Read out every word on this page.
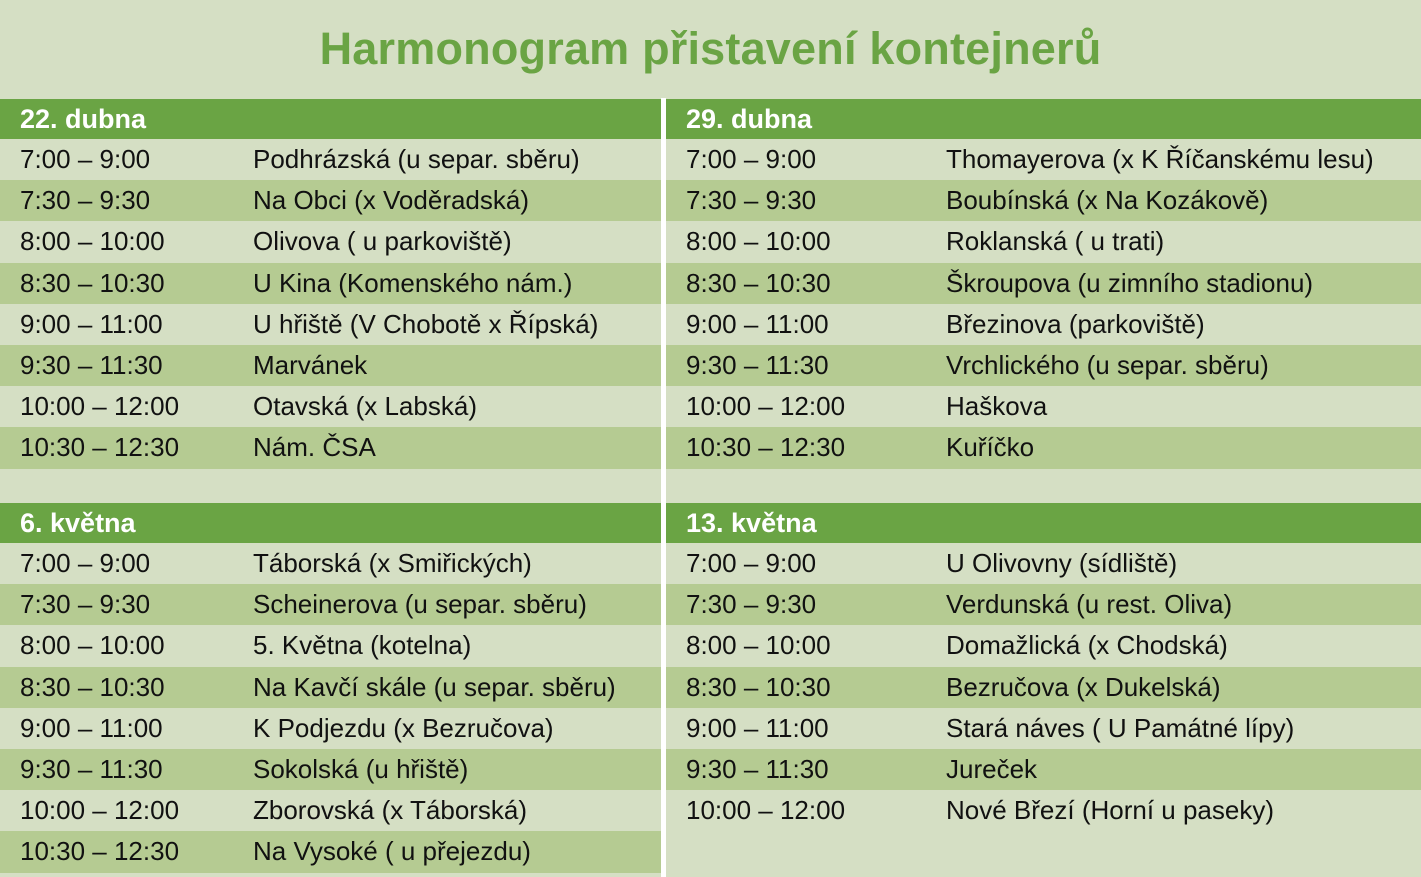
Harmonogram přistavení kontejnerů
22. dubna
7:00 – 9:00	Podhrázská (u separ. sběru)
7:30 – 9:30	Na Obci (x Voděradská)
8:00 – 10:00	Olivova ( u parkoviště)
8:30 – 10:30	U Kina (Komenského nám.)
9:00 – 11:00	U hřiště (V Chobotě x Řípská)
9:30 – 11:30	Marvánek
10:00 – 12:00	Otavská (x Labská)
10:30 – 12:30	Nám. ČSA
29. dubna
7:00 – 9:00	Thomayerova (x K Říčanskému lesu)
7:30 – 9:30	Boubínská (x Na Kozákově)
8:00 – 10:00	Roklanská ( u trati)
8:30 – 10:30	Škroupova (u zimního stadionu)
9:00 – 11:00	Březinova (parkoviště)
9:30 – 11:30	Vrchlického (u separ. sběru)
10:00 – 12:00	Haškova
10:30 – 12:30	Kuříčko
6. května
7:00 – 9:00	Táborská (x Smiřických)
7:30 – 9:30	Scheinerova (u separ. sběru)
8:00 – 10:00	5. Května (kotelna)
8:30 – 10:30	Na Kavčí skále (u separ. sběru)
9:00 – 11:00	K Podjezdu (x Bezručova)
9:30 – 11:30	Sokolská (u hřiště)
10:00 – 12:00	Zborovská (x Táborská)
10:30 – 12:30	Na Vysoké ( u přejezdu)
13. května
7:00 – 9:00	U Olivovny (sídliště)
7:30 – 9:30	Verdunská (u rest. Oliva)
8:00 – 10:00	Domažlická (x Chodská)
8:30 – 10:30	Bezručova (x Dukelská)
9:00 – 11:00	Stará náves ( U Památné lípy)
9:30 – 11:30	Jureček
10:00 – 12:00	Nové Březí (Horní u paseky)
